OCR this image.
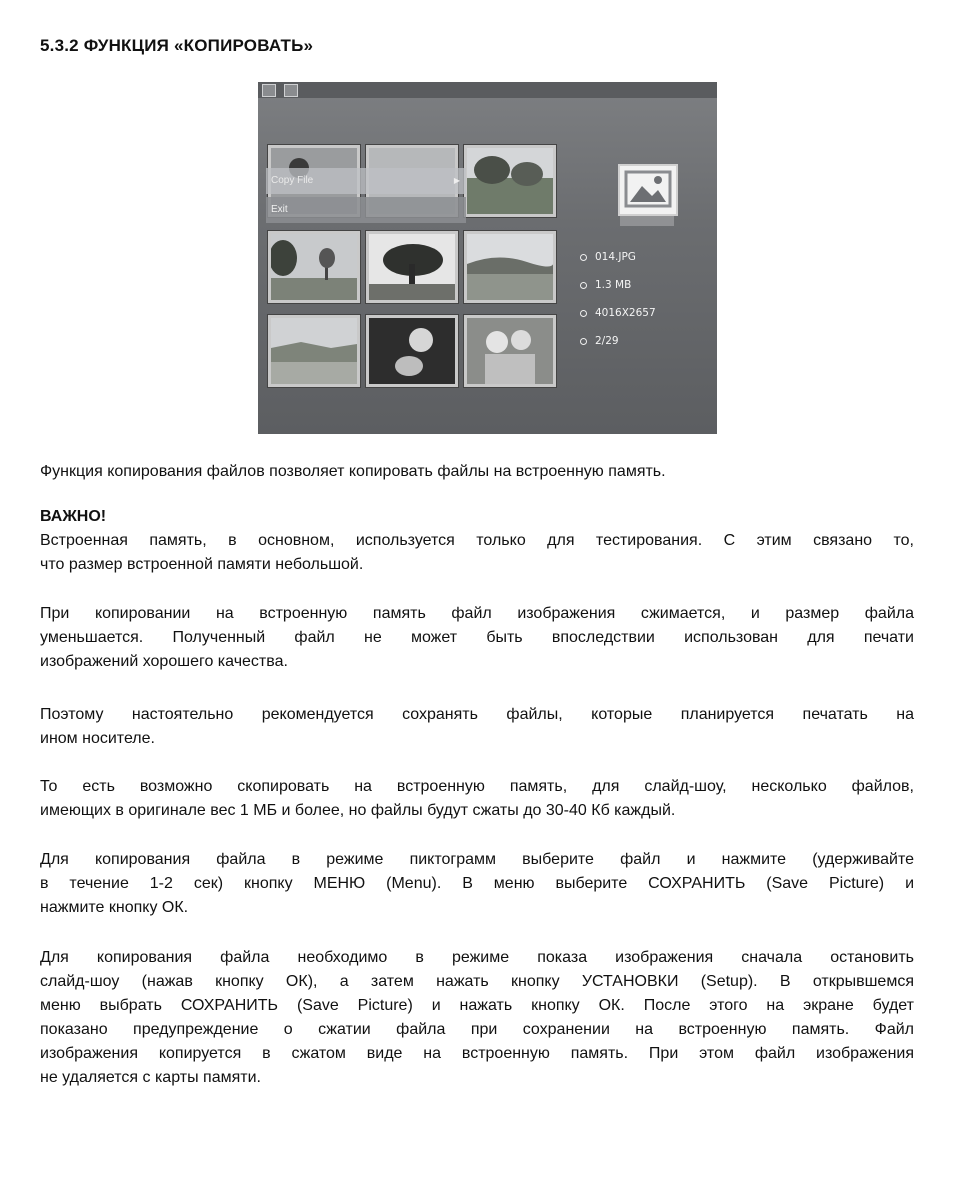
5.3.2 ФУНКЦИЯ «КОПИРОВАТЬ»
Copy File	▶
Exit
014.JPG
1.3 MB
4016X2657
2/29
Функция копирования файлов позволяет копировать файлы на встроенную память.
ВАЖНО!
Встроенная память, в основном, используется только для тестирования. С этим связано то,
что размер встроенной памяти небольшой.
При копировании на встроенную память файл изображения сжимается, и размер файла
уменьшается. Полученный файл не может быть впоследствии использован для печати
изображений хорошего качества.
Поэтому настоятельно рекомендуется сохранять файлы, которые планируется печатать на
ином носителе.
То есть возможно скопировать на встроенную память, для слайд-шоу, несколько файлов,
имеющих в оригинале вес 1 МБ и более, но файлы будут сжаты до 30-40 Кб каждый.
Для копирования файла в режиме пиктограмм выберите файл и нажмите (удерживайте
в течение 1-2 сек) кнопку МЕНЮ (Menu). В меню выберите СОХРАНИТЬ (Save Picture) и
нажмите кнопку ОК.
Для копирования файла необходимо в режиме показа изображения сначала остановить
слайд-шоу (нажав кнопку ОК), а затем нажать кнопку УСТАНОВКИ (Setup). В открывшемся
меню выбрать СОХРАНИТЬ (Save Picture) и нажать кнопку ОК. После этого на экране будет
показано предупреждение о сжатии файла при сохранении на встроенную память. Файл
изображения копируется в сжатом виде на встроенную память. При этом файл изображения
не удаляется с карты памяти.
